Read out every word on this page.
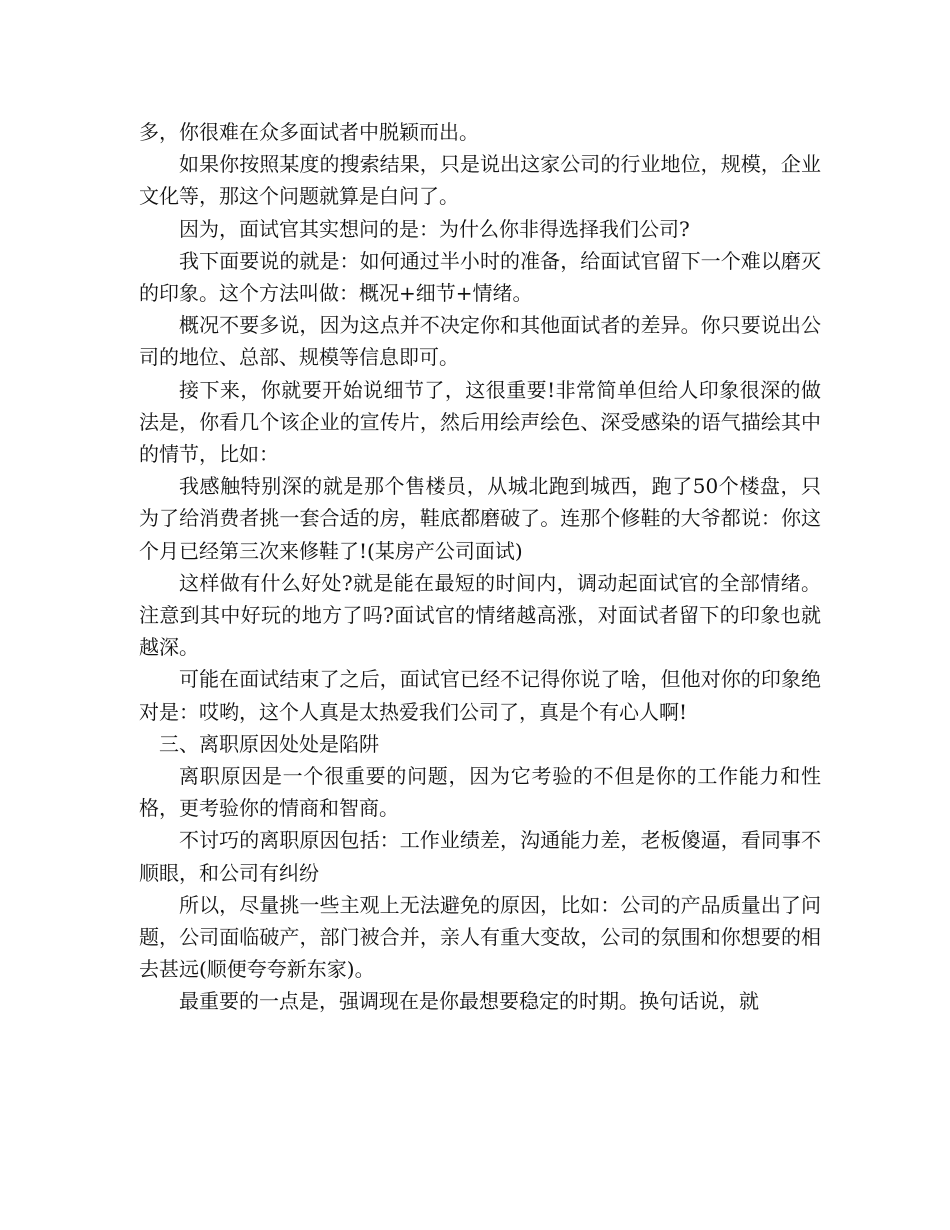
多，你很难在众多面试者中脱颖而出。

如果你按照某度的搜索结果，只是说出这家公司的行业地位，规模，企业文化等，那这个问题就算是白问了。

因为，面试官其实想问的是：为什么你非得选择我们公司?

我下面要说的就是：如何通过半小时的准备，给面试官留下一个难以磨灭的印象。这个方法叫做：概况+细节+情绪。

概况不要多说，因为这点并不决定你和其他面试者的差异。你只要说出公司的地位、总部、规模等信息即可。

接下来，你就要开始说细节了，这很重要!非常简单但给人印象很深的做法是，你看几个该企业的宣传片，然后用绘声绘色、深受感染的语气描绘其中的情节，比如：

我感触特别深的就是那个售楼员，从城北跑到城西，跑了50个楼盘，只为了给消费者挑一套合适的房，鞋底都磨破了。连那个修鞋的大爷都说：你这个月已经第三次来修鞋了!(某房产公司面试)

这样做有什么好处?就是能在最短的时间内，调动起面试官的全部情绪。注意到其中好玩的地方了吗?面试官的情绪越高涨，对面试者留下的印象也就越深。

可能在面试结束了之后，面试官已经不记得你说了啥，但他对你的印象绝对是：哎哟，这个人真是太热爱我们公司了，真是个有心人啊!

三、离职原因处处是陷阱

离职原因是一个很重要的问题，因为它考验的不但是你的工作能力和性格，更考验你的情商和智商。

不讨巧的离职原因包括：工作业绩差，沟通能力差，老板傻逼，看同事不顺眼，和公司有纠纷

所以，尽量挑一些主观上无法避免的原因，比如：公司的产品质量出了问题，公司面临破产，部门被合并，亲人有重大变故，公司的氛围和你想要的相去甚远(顺便夸夸新东家)。

最重要的一点是，强调现在是你最想要稳定的时期。换句话说，就
